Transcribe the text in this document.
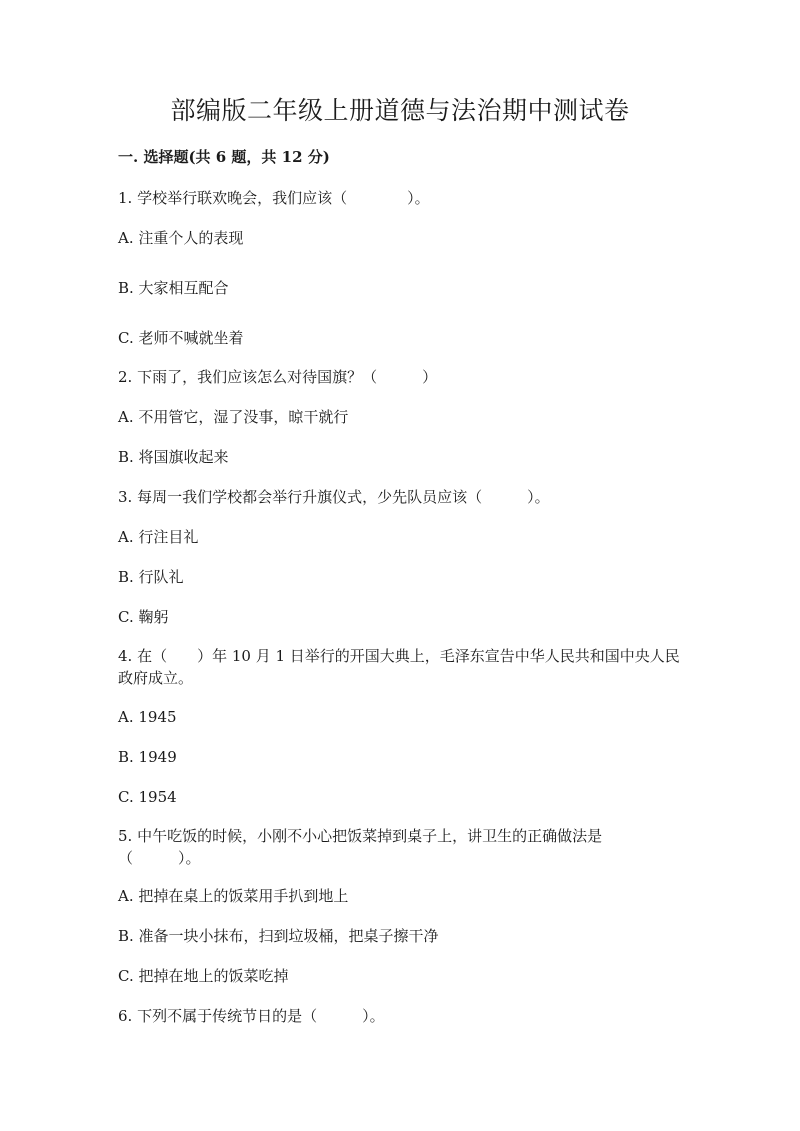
部编版二年级上册道德与法治期中测试卷
一. 选择题(共 6 题，共 12 分)
1. 学校举行联欢晚会，我们应该（　　　　）。
A. 注重个人的表现
B. 大家相互配合
C. 老师不喊就坐着
2. 下雨了，我们应该怎么对待国旗？（　　　）
A. 不用管它，湿了没事，晾干就行
B. 将国旗收起来
3. 每周一我们学校都会举行升旗仪式，少先队员应该（　　　）。
A. 行注目礼
B. 行队礼
C. 鞠躬
4. 在（　　）年 10 月 1 日举行的开国大典上，毛泽东宣告中华人民共和国中央人民政府成立。
A. 1945
B. 1949
C. 1954
5. 中午吃饭的时候，小刚不小心把饭菜掉到桌子上，讲卫生的正确做法是（　　　）。
A. 把掉在桌上的饭菜用手扒到地上
B. 准备一块小抹布，扫到垃圾桶，把桌子擦干净
C. 把掉在地上的饭菜吃掉
6. 下列不属于传统节日的是（　　　）。
